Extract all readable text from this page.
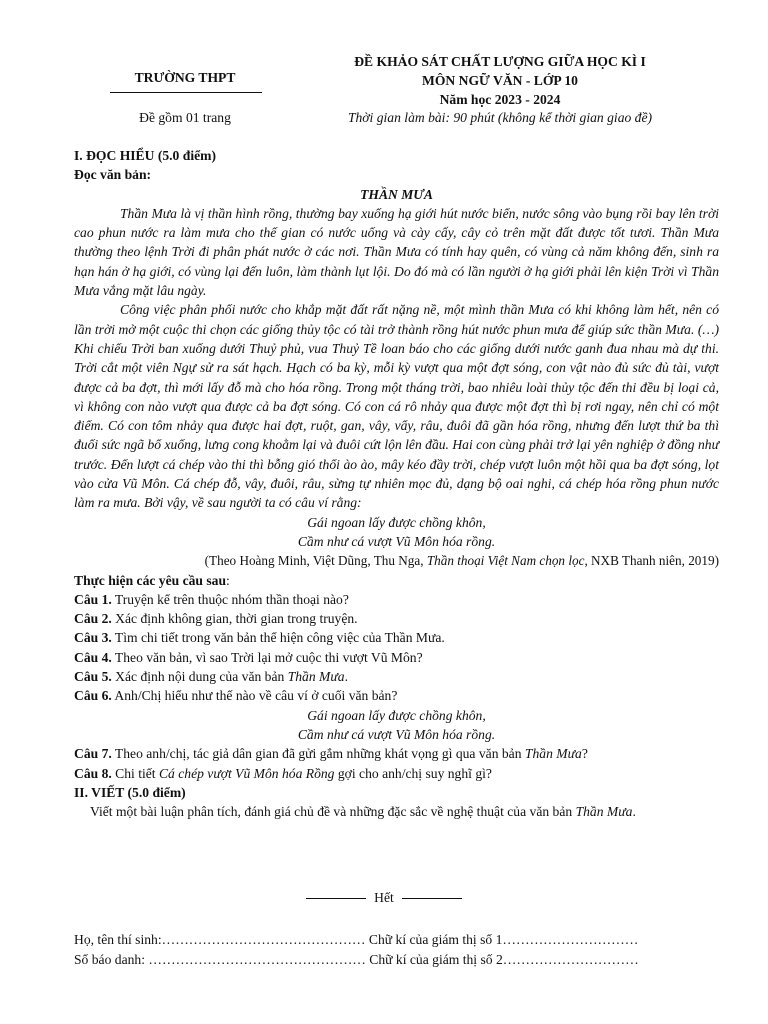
TRƯỜNG THPT
Đề gồm 01 trang
ĐỀ KHẢO SÁT CHẤT LƯỢNG GIỮA HỌC KÌ I
MÔN NGỮ VĂN - LỚP 10
Năm học 2023 - 2024
Thời gian làm bài: 90 phút (không kể thời gian giao đề)

I. ĐỌC HIỂU (5.0 điểm)

Đọc văn bản:

THẦN MƯA

Thần Mưa là vị thần hình rồng, thường bay xuống hạ giới hút nước biển, nước sông vào bụng rồi bay lên trời cao phun nước ra làm mưa cho thế gian có nước uống và cày cấy, cây cỏ trên mặt đất được tốt tươi. Thần Mưa thường theo lệnh Trời đi phân phát nước ở các nơi. Thần Mưa có tính hay quên, có vùng cả năm không đến, sinh ra hạn hán ở hạ giới, có vùng lại đến luôn, làm thành lụt lội. Do đó mà có lần người ở hạ giới phải lên kiện Trời vì Thần Mưa vắng mặt lâu ngày.

Công việc phân phối nước cho khắp mặt đất rất nặng nề, một mình thần Mưa có khi không làm hết, nên có lần trời mở một cuộc thi chọn các giống thủy tộc có tài trở thành rồng hút nước phun mưa để giúp sức thần Mưa. (…) Khi chiếu Trời ban xuống dưới Thuỷ phủ, vua Thuỷ Tề loan báo cho các giống dưới nước ganh đua nhau mà dự thi. Trời cắt một viên Ngự sử ra sát hạch. Hạch có ba kỳ, mỗi kỳ vượt qua một đợt sóng, con vật nào đủ sức đủ tài, vượt được cả ba đợt, thì mới lấy đỗ mà cho hóa rồng. Trong một tháng trời, bao nhiêu loài thủy tộc đến thi đều bị loại cả, vì không con nào vượt qua được cả ba đợt sóng. Có con cá rô nhảy qua được một đợt thì bị rơi ngay, nên chỉ có một điểm. Có con tôm nhảy qua được hai đợt, ruột, gan, vây, vẩy, râu, đuôi đã gần hóa rồng, nhưng đến lượt thứ ba thì đuối sức ngã bổ xuống, lưng cong khoằm lại và đuôi cứt lộn lên đầu. Hai con cùng phải trở lại yên nghiệp ở đồng như trước. Đến lượt cá chép vào thi thì bỗng gió thổi ào ào, mây kéo đầy trời, chép vượt luôn một hồi qua ba đợt sóng, lọt vào cửa Vũ Môn. Cá chép đỗ, vây, đuôi, râu, sừng tự nhiên mọc đủ, dạng bộ oai nghi, cá chép hóa rồng phun nước làm ra mưa. Bởi vậy, về sau người ta có câu ví rằng:

Gái ngoan lấy được chồng khôn,

Cầm như cá vượt Vũ Môn hóa rồng.

(Theo Hoàng Minh, Việt Dũng, Thu Nga, Thần thoại Việt Nam chọn lọc, NXB Thanh niên, 2019)

Thực hiện các yêu cầu sau:

Câu 1. Truyện kể trên thuộc nhóm thần thoại nào?

Câu 2. Xác định không gian, thời gian trong truyện.

Câu 3. Tìm chi tiết trong văn bản thể hiện công việc của Thần Mưa.

Câu 4. Theo văn bản, vì sao Trời lại mở cuộc thi vượt Vũ Môn?

Câu 5. Xác định nội dung của văn bản Thần Mưa.

Câu 6. Anh/Chị hiểu như thế nào về câu ví ở cuối văn bản?

Gái ngoan lấy được chồng khôn,

Cầm như cá vượt Vũ Môn hóa rồng.

Câu 7. Theo anh/chị, tác giả dân gian đã gửi gắm những khát vọng gì qua văn bản Thần Mưa?

Câu 8. Chi tiết Cá chép vượt Vũ Môn hóa Rồng gợi cho anh/chị suy nghĩ gì?

II. VIẾT (5.0 điểm)

Viết một bài luận phân tích, đánh giá chủ đề và những đặc sắc về nghệ thuật của văn bản Thần Mưa.

Hết
Họ, tên thí sinh:……………………………………… Chữ kí của giám thị số 1…………………………
Số báo danh: ………………………………………… Chữ kí của giám thị số 2…………………………
